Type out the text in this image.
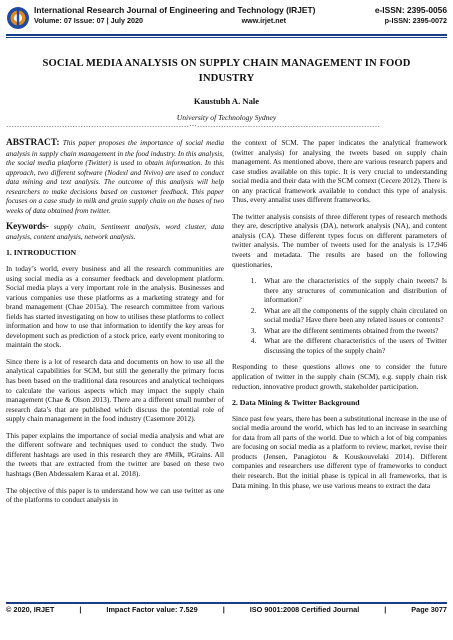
International Research Journal of Engineering and Technology (IRJET)	e-ISSN: 2395-0056
Volume: 07 Issue: 07 | July 2020	www.irjet.net	p-ISSN: 2395-0072
SOCIAL MEDIA ANALYSIS ON SUPPLY CHAIN MANAGEMENT IN FOOD INDUSTRY
Kaustubh A. Nale
University of Technology Sydney
---------------------------------------------------------------------***---------------------------------------------------------------------

ABSTRACT: This paper proposes the importance of social media analysis in supply chain management in the food industry. In this analysis, the social media platform (Twitter) is used to obtain information. In this approach, two different software (Nodexl and Nvivo) are used to conduct data mining and text analysis. The outcome of this analysis will help researchers to make decisions based on customer feedback. This paper focuses on a case study in milk and grain supply chain on the bases of two weeks of data obtained from twitter.

Keywords- supply chain, Sentiment analysis, word cluster, data analysis, content analysis, network analysis.

1. INTRODUCTION

In today’s world, every business and all the research communities are using social media as a consumer feedback and development platform. Social media plays a very important role in the analysis. Businesses and various companies use these platforms as a marketing strategy and for brand management (Chae 2015a). The research committee from various fields has started investigating on how to utilises these platforms to collect information and how to use that information to identify the key areas for development such as prediction of a stock price, early event monitoring to maintain the stock.

Since there is a lot of research data and documents on how to use all the analytical capabilities for SCM, but still the generally the primary focus has been based on the traditional data resources and analytical techniques to calculate the various aspects which may impact the supply chain management (Chae & Olson 2013). There are a different small number of research data’s that are published which discuss the potential role of supply chain management in the food industry (Casemore 2012).

This paper explains the importance of social media analysis and what are the different software and techniques used to conduct the study. Two different hashtags are used in this research they are #Milk, #Grains. All the tweets that are extracted from the twitter are based on these two hashtags (Ben Abdessalem Karaa et al. 2018).

The objective of this paper is to understand how we can use twitter as one of the platforms to conduct analysis in

the context of SCM. The paper indicates the analytical framework (twitter analysis) for analysing the tweets based on supply chain management. As mentioned above, there are various research papers and case studies available on this topic. It is very crucial to understanding social media and their data with the SCM context (Cecere 2012). There is on any practical framework available to conduct this type of analysis. Thus, every annalist uses different frameworks.

The twitter analysis consists of three different types of research methods they are, descriptive analysis (DA), network analysis (NA), and content analysis (CA). These different types focus on different parameters of twitter analysis. The number of tweets used for the analysis is 17,946 tweets and metadata. The results are based on the following questionaries,

1. What are the characteristics of the supply chain tweets? Is there any structures of communication and distribution of information?
2. What are all the components of the supply chain circulated on social media? Have there been any related issues or contents?
3. What are the different sentiments obtained from the tweets?
4. What are the different characteristics of the users of Twitter discussing the topics of the supply chain?

Responding to these questions allows one to consider the future application of twitter in the supply chain (SCM), e.g. supply chain risk reduction, innovative product growth, stakeholder participation.

2. Data Mining & Twitter Background

Since past few years, there has been a substitutional increase in the use of social media around the world, which has led to an increase in searching for data from all parts of the world. Due to which a lot of big companies are focusing on social media as a platform to review, market, revise their products (Jensen, Panagiotou & Kouskouvelaki 2014). Different companies and researchers use different type of frameworks to conduct their research. But the initial phase is typical in all frameworks, that is Data mining. In this phase, we use various means to extract the data

© 2020, IRJET	|	Impact Factor value: 7.529	|	ISO 9001:2008 Certified Journal	|	Page 3077
